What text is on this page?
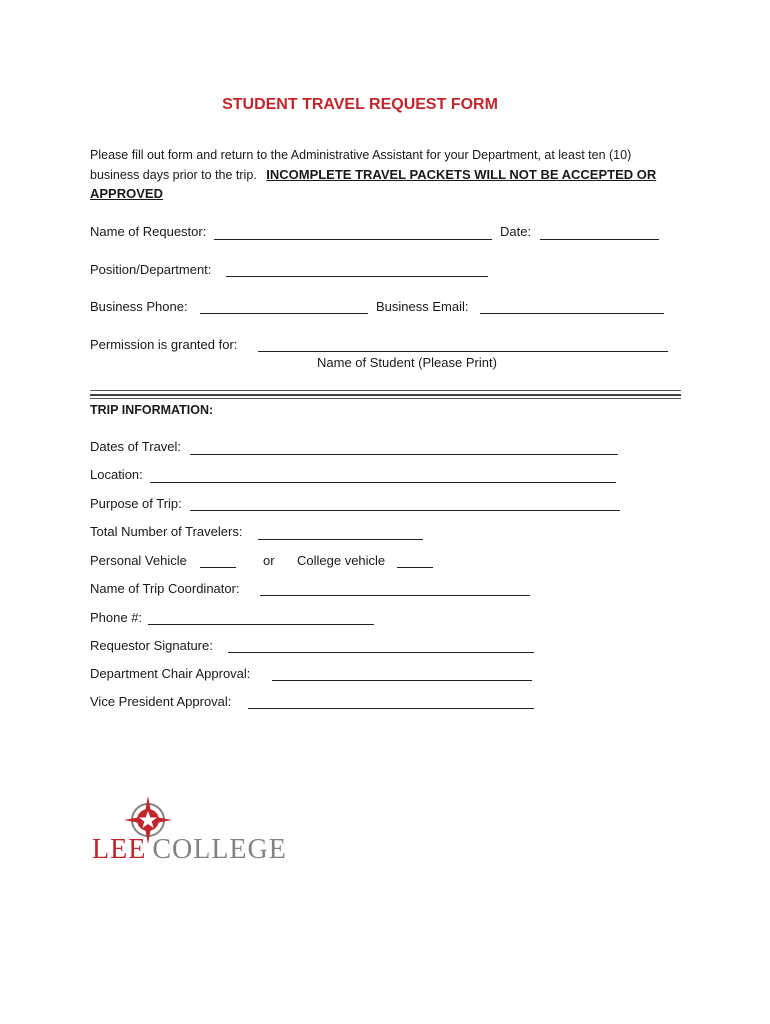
STUDENT TRAVEL REQUEST FORM
Please fill out form and return to the Administrative Assistant for your Department, at least ten (10)
business days prior to the trip. INCOMPLETE TRAVEL PACKETS WILL NOT BE ACCEPTED OR
APPROVED
Name of Requestor:	Date:
Position/Department:
Business Phone:	Business Email:
Permission is granted for:
Name of Student (Please Print)
TRIP INFORMATION:
Dates of Travel:
Location:
Purpose of Trip:
Total Number of Travelers:
Personal Vehicle	or College vehicle
Name of Trip Coordinator:
Phone #:
Requestor Signature:
Department Chair Approval:
Vice President Approval:
LEE COLLEGE
